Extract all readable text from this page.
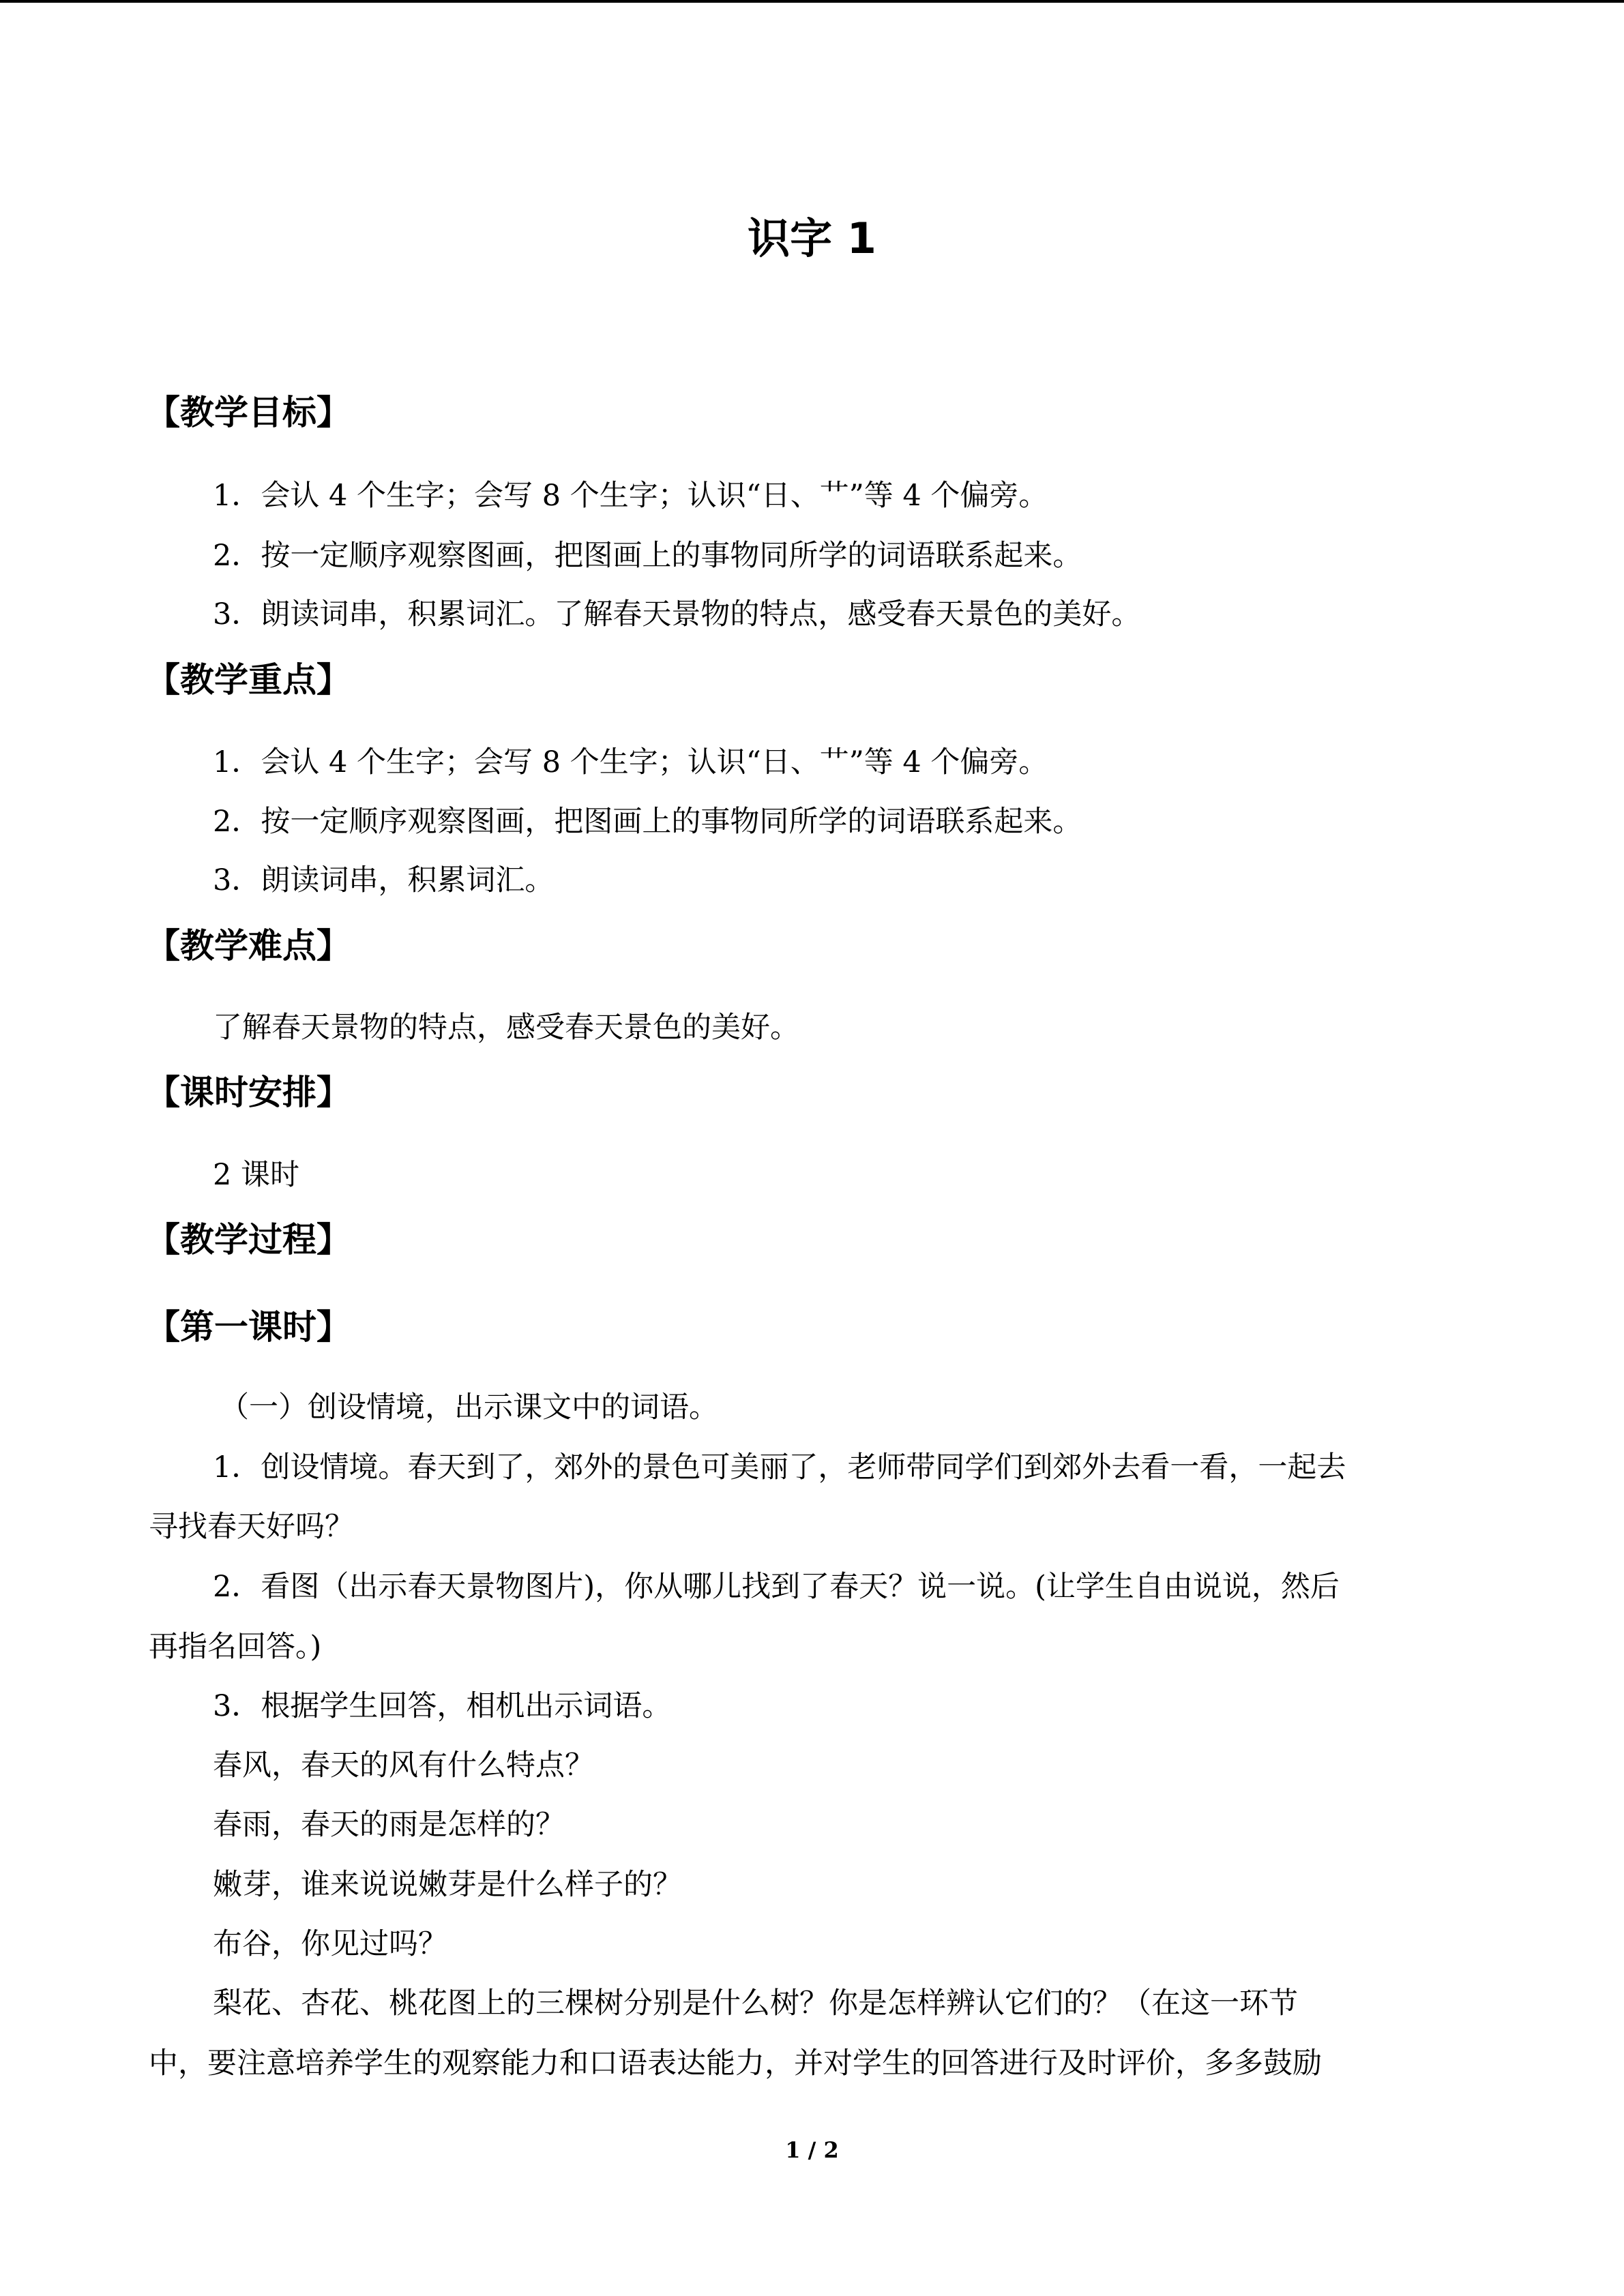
识字 1
【教学目标】
1．会认 4 个生字；会写 8 个生字；认识“日、艹”等 4 个偏旁。
2．按一定顺序观察图画，把图画上的事物同所学的词语联系起来。
3．朗读词串，积累词汇。了解春天景物的特点，感受春天景色的美好。
【教学重点】
1．会认 4 个生字；会写 8 个生字；认识“日、艹”等 4 个偏旁。
2．按一定顺序观察图画，把图画上的事物同所学的词语联系起来。
3．朗读词串，积累词汇。
【教学难点】
了解春天景物的特点，感受春天景色的美好。
【课时安排】
2 课时
【教学过程】
【第一课时】
（一）创设情境，出示课文中的词语。
1．创设情境。春天到了，郊外的景色可美丽了，老师带同学们到郊外去看一看，一起去
寻找春天好吗？
2．看图（出示春天景物图片)，你从哪儿找到了春天？说一说。(让学生自由说说，然后
再指名回答。)
3．根据学生回答，相机出示词语。
春风，春天的风有什么特点？
春雨，春天的雨是怎样的？
嫩芽，谁来说说嫩芽是什么样子的？
布谷，你见过吗？
梨花、杏花、桃花图上的三棵树分别是什么树？你是怎样辨认它们的？（在这一环节
中，要注意培养学生的观察能力和口语表达能力，并对学生的回答进行及时评价，多多鼓励
1 / 2
